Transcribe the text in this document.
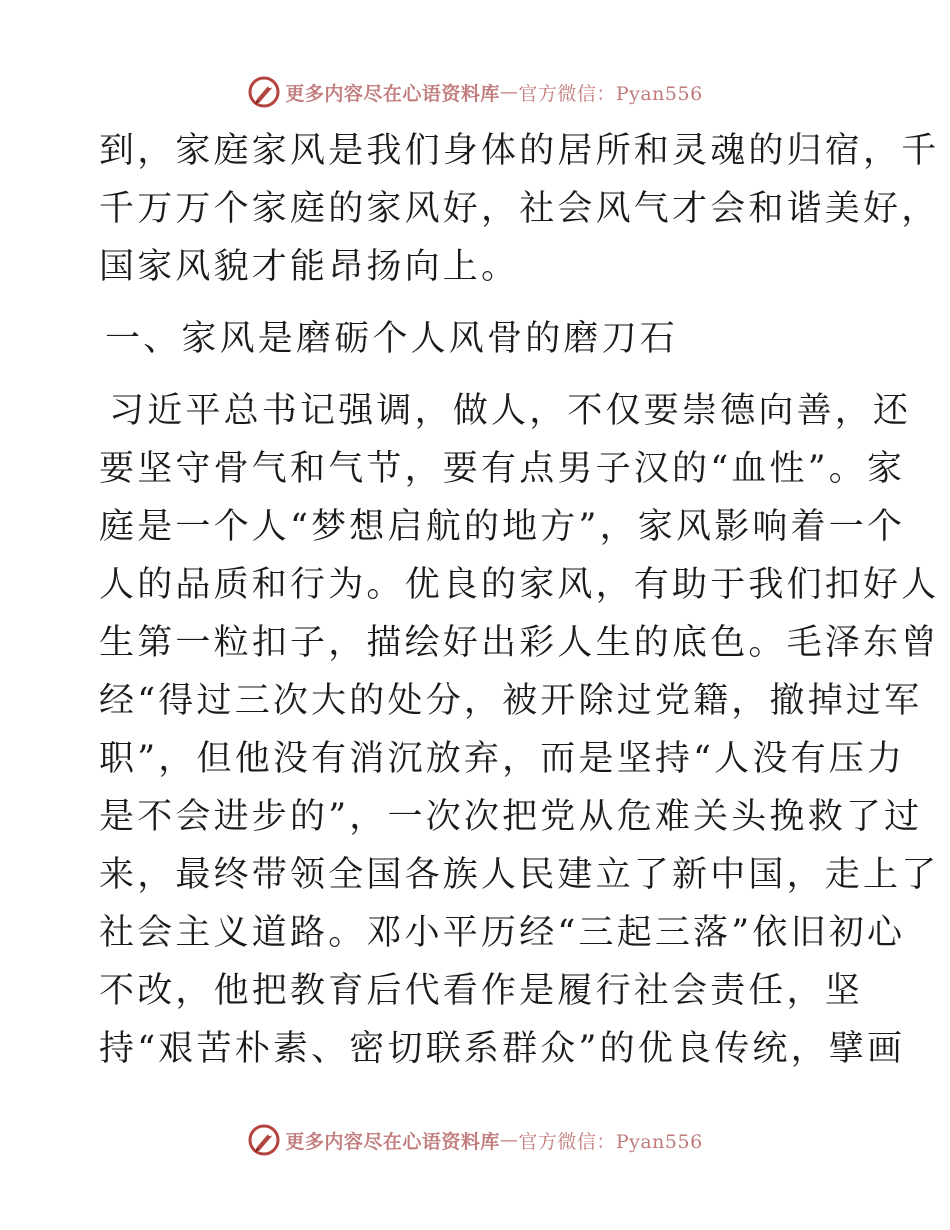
更多内容尽在心语资料库 — 官方微信：Pyan556
到，家庭家风是我们身体的居所和灵魂的归宿，千
千万万个家庭的家风好，社会风气才会和谐美好，
国家风貌才能昂扬向上。
一、家风是磨砺个人风骨的磨刀石
习近平总书记强调，做人，不仅要崇德向善，还
要坚守骨气和气节，要有点男子汉的“血性”。家
庭是一个人“梦想启航的地方”，家风影响着一个
人的品质和行为。优良的家风，有助于我们扣好人
生第一粒扣子，描绘好出彩人生的底色。毛泽东曾
经“得过三次大的处分，被开除过党籍，撤掉过军
职”，但他没有消沉放弃，而是坚持“人没有压力
是不会进步的”，一次次把党从危难关头挽救了过
来，最终带领全国各族人民建立了新中国，走上了
社会主义道路。邓小平历经“三起三落”依旧初心
不改，他把教育后代看作是履行社会责任，坚
持“艰苦朴素、密切联系群众”的优良传统，擘画
更多内容尽在心语资料库 — 官方微信：Pyan556
